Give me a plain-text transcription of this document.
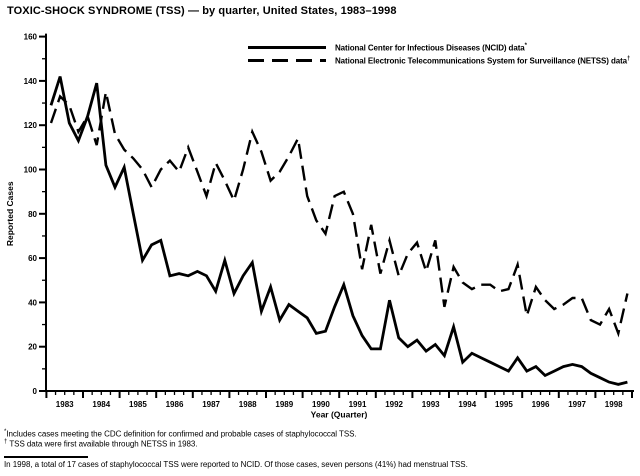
TOXIC-SHOCK SYNDROME (TSS) — by quarter, United States, 1983–1998
0
20
40
60
80
100
120
140
160
1983 1984 1985 1986 1987 1988 1989 1990 1991 1992 1993 1994 1995 1996 1997 1998
Year (Quarter)
Reported Cases
National Center for Infectious Diseases (NCID) data*
National Electronic Telecommunications System for Surveillance (NETSS) data†
*Includes cases meeting the CDC definition for confirmed and probable cases of staphylococcal TSS.
† TSS data were first available through NETSS in 1983.
In 1998, a total of 17 cases of staphylococcal TSS were reported to NCID. Of those cases, seven persons (41%) had menstrual TSS.
